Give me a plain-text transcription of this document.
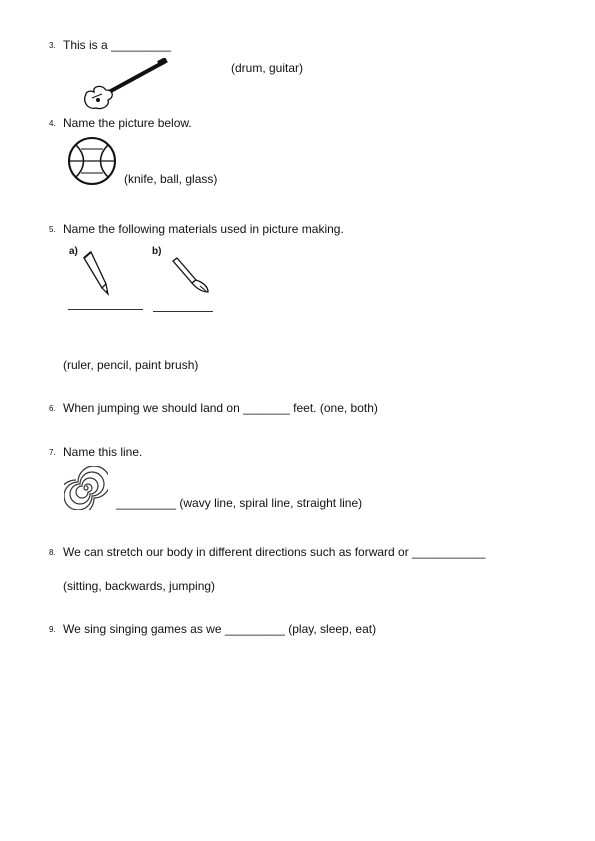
3. This is a _________
(drum, guitar)
4. Name the picture below.
(knife, ball, glass)
5. Name the following materials used in picture making.
a)	b)
(ruler, pencil, paint brush)
6. When jumping we should land on _______ feet. (one, both)
7. Name this line.
_________ (wavy line, spiral line, straight line)
8. We can stretch our body in different directions such as forward or ___________
(sitting, backwards, jumping)
9. We sing singing games as we _________ (play, sleep, eat)
